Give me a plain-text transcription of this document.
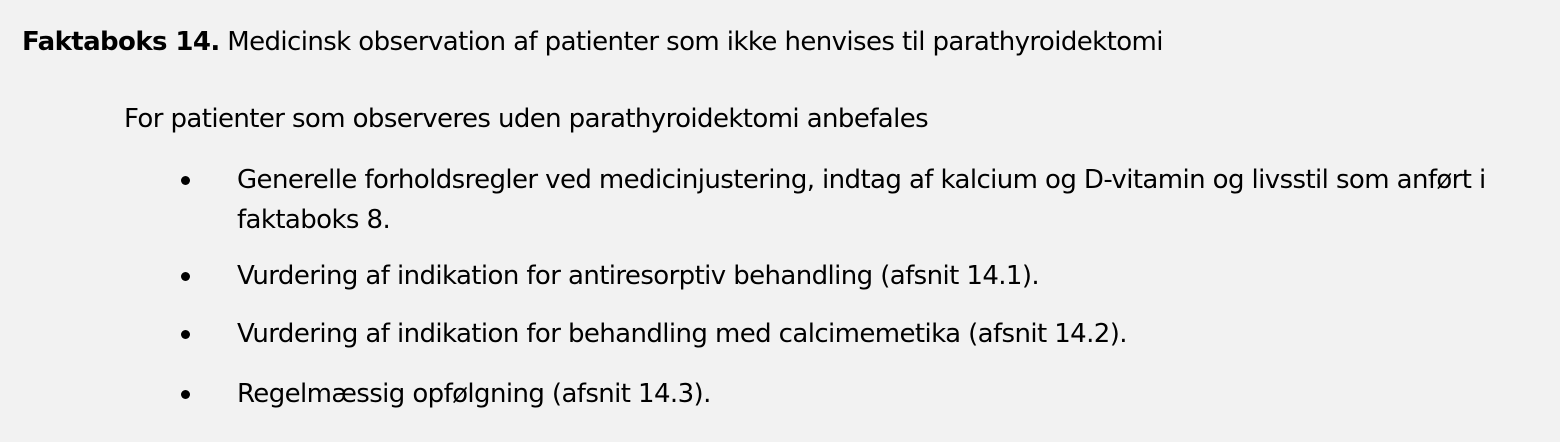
Faktaboks 14. Medicinsk observation af patienter som ikke henvises til parathyroidektomi
For patienter som observeres uden parathyroidektomi anbefales
Generelle forholdsregler ved medicinjustering, indtag af kalcium og D-vitamin og livsstil som anført i faktaboks 8.
Vurdering af indikation for antiresorptiv behandling (afsnit 14.1).
Vurdering af indikation for behandling med calcimemetika (afsnit 14.2).
Regelmæssig opfølgning (afsnit 14.3).
